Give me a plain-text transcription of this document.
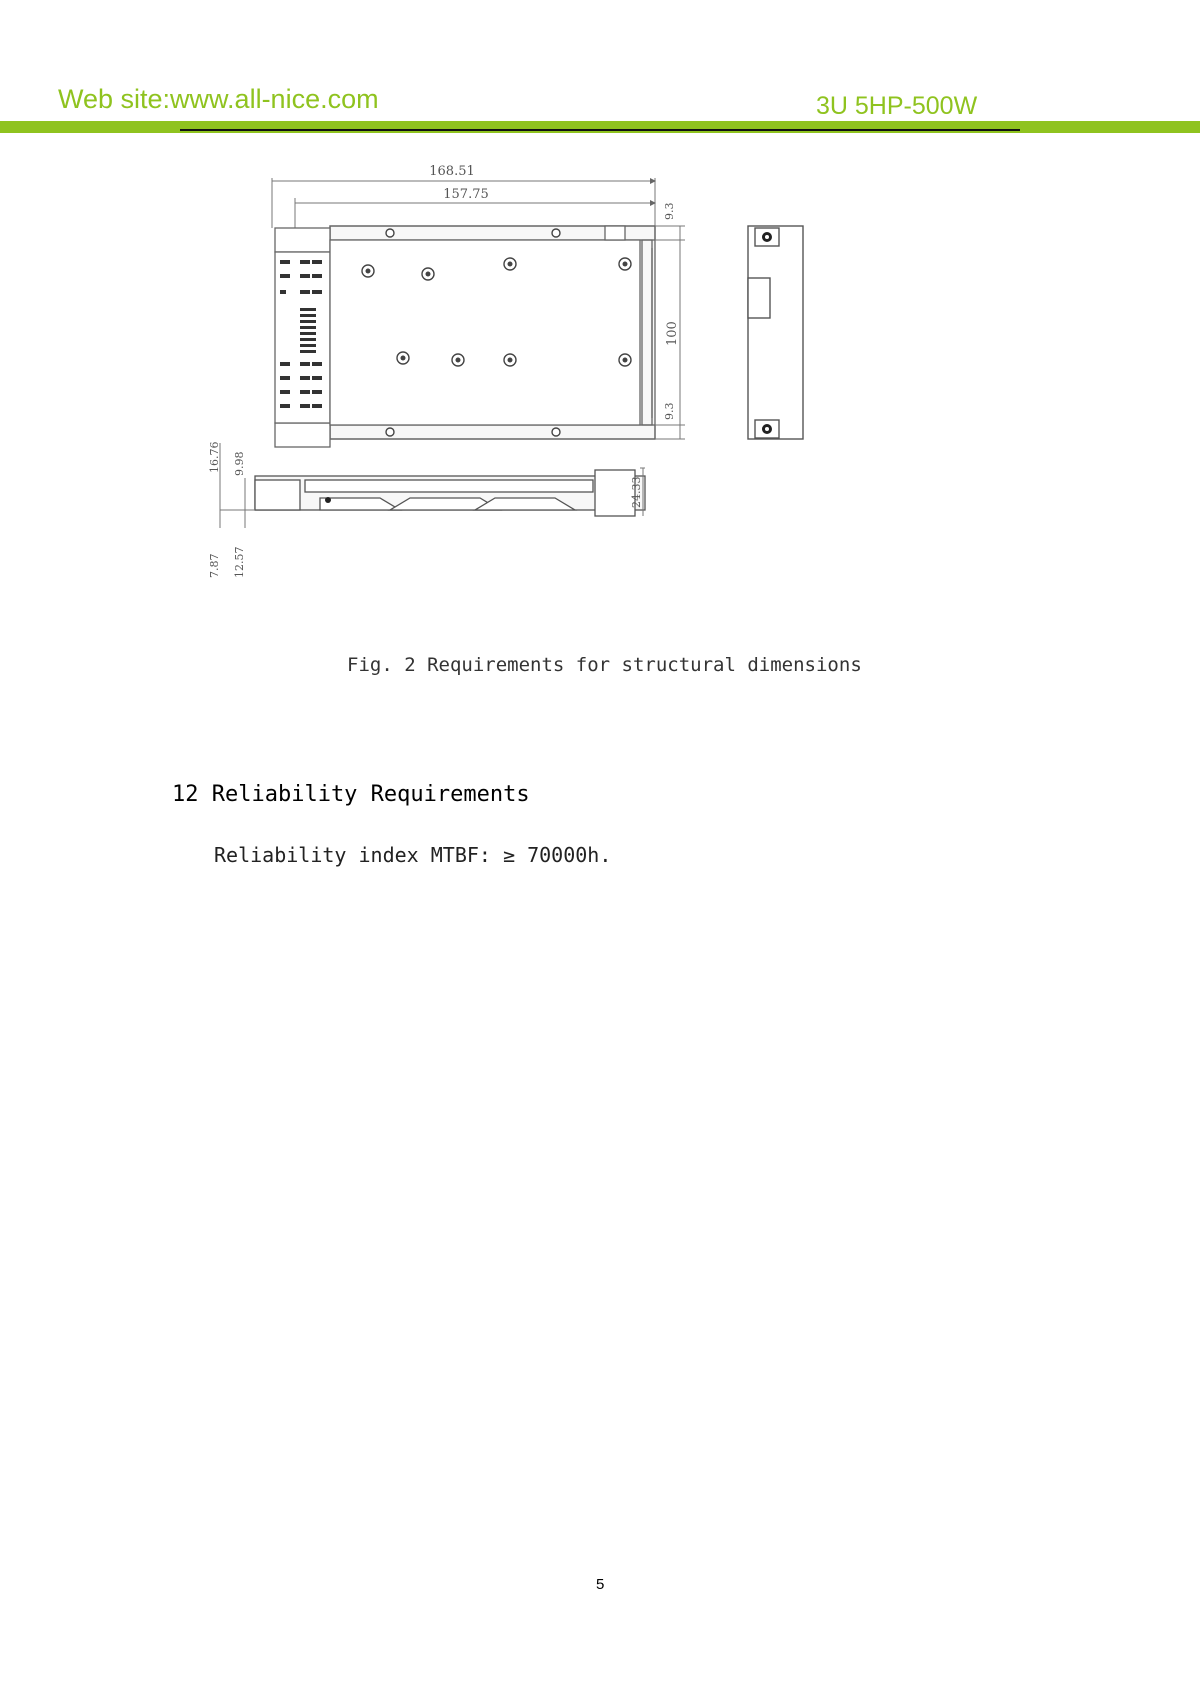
Web site:www.all-nice.com	3U 5HP-500W
168.51
157.75
9.3
100
9.3
16.76 9.98
24.33
7.87 12.57
Fig. 2 Requirements for structural dimensions
12 Reliability Requirements
Reliability index MTBF: ≥ 70000h.
5
